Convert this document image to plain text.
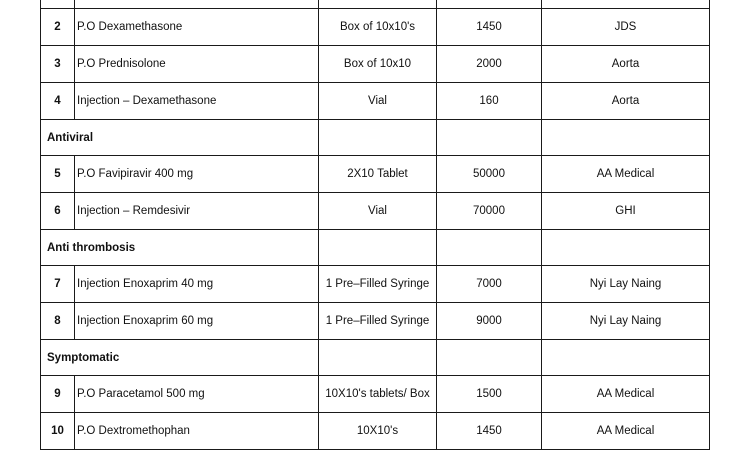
2	P.O Dexamethasone	Box of 10x10's	1450	JDS
3	P.O Prednisolone	Box of 10x10	2000	Aorta
4	Injection – Dexamethasone	Vial	160	Aorta
Antiviral				
5	P.O Favipiravir 400 mg	2X10 Tablet	50000	AA Medical
6	Injection – Remdesivir	Vial	70000	GHI
Anti thrombosis				
7	Injection Enoxaprim 40 mg	1 Pre–Filled Syringe	7000	Nyi Lay Naing
8	Injection Enoxaprim 60 mg	1 Pre–Filled Syringe	9000	Nyi Lay Naing
Symptomatic				
9	P.O Paracetamol 500 mg	10X10's tablets/ Box	1500	AA Medical
10	P.O Dextromethophan	10X10's	1450	AA Medical
